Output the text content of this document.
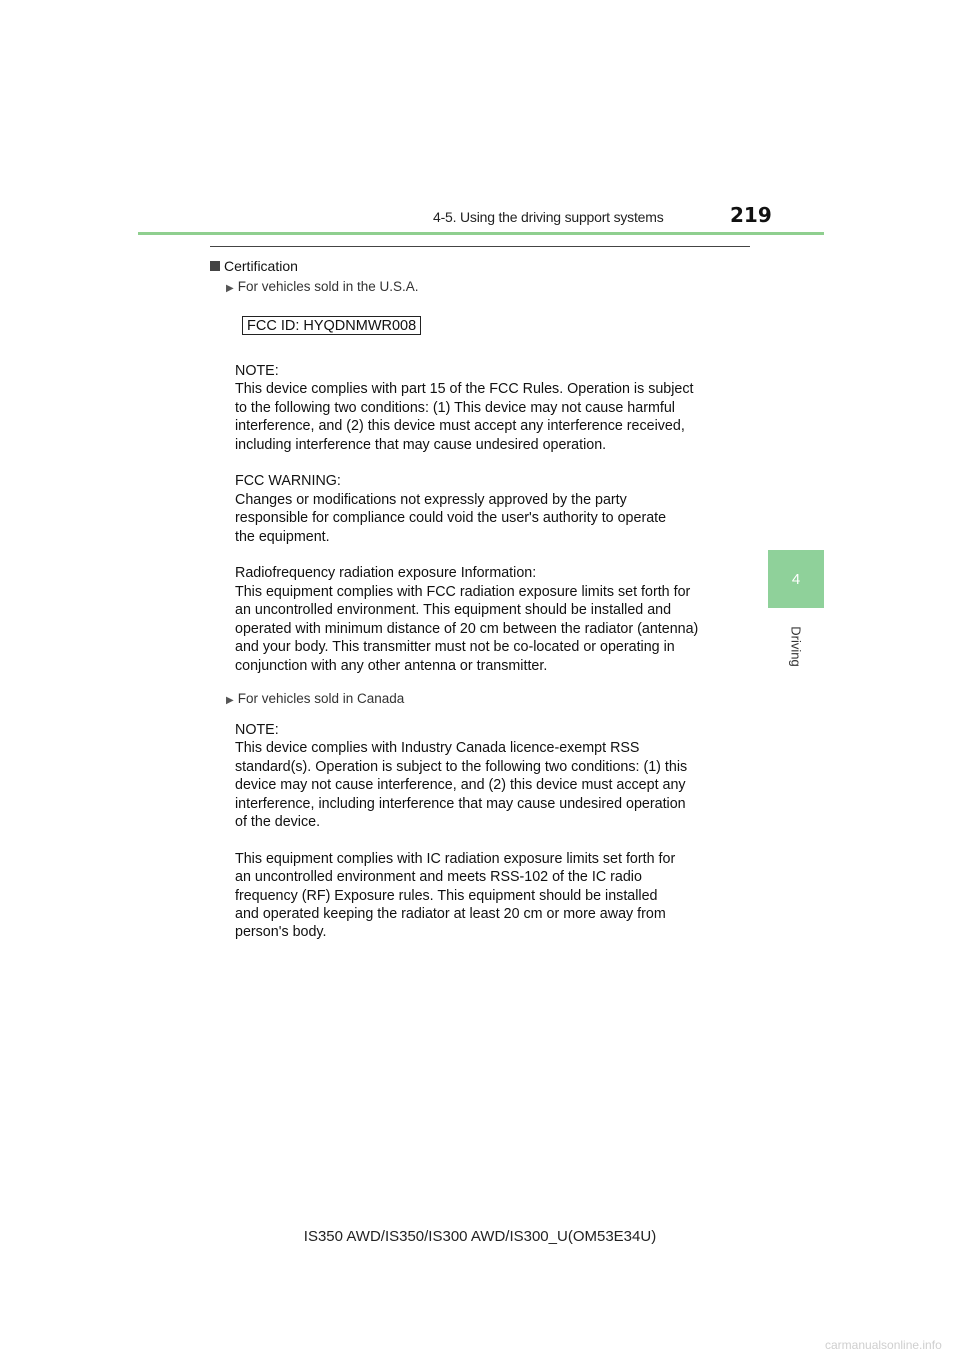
4-5. Using the driving support systems	219
4
Driving
Certification
▶ For vehicles sold in the U.S.A.
FCC ID: HYQDNMWR008
NOTE:
This device complies with part 15 of the FCC Rules. Operation is subject
to the following two conditions: (1) This device may not cause harmful
interference, and (2) this device must accept any interference received,
including interference that may cause undesired operation.

FCC WARNING:
Changes or modifications not expressly approved by the party
responsible for compliance could void the user's authority to operate
the equipment.

Radiofrequency radiation exposure Information:
This equipment complies with FCC radiation exposure limits set forth for
an uncontrolled environment. This equipment should be installed and
operated with minimum distance of 20 cm between the radiator (antenna)
and your body. This transmitter must not be co-located or operating in
conjunction with any other antenna or transmitter.
▶ For vehicles sold in Canada
NOTE:
This device complies with Industry Canada licence-exempt RSS
standard(s). Operation is subject to the following two conditions: (1) this
device may not cause interference, and (2) this device must accept any
interference, including interference that may cause undesired operation
of the device.

This equipment complies with IC radiation exposure limits set forth for
an uncontrolled environment and meets RSS-102 of the IC radio
frequency (RF) Exposure rules. This equipment should be installed
and operated keeping the radiator at least 20 cm or more away from
person's body.
IS350 AWD/IS350/IS300 AWD/IS300_U(OM53E34U)
carmanualsonline.info
